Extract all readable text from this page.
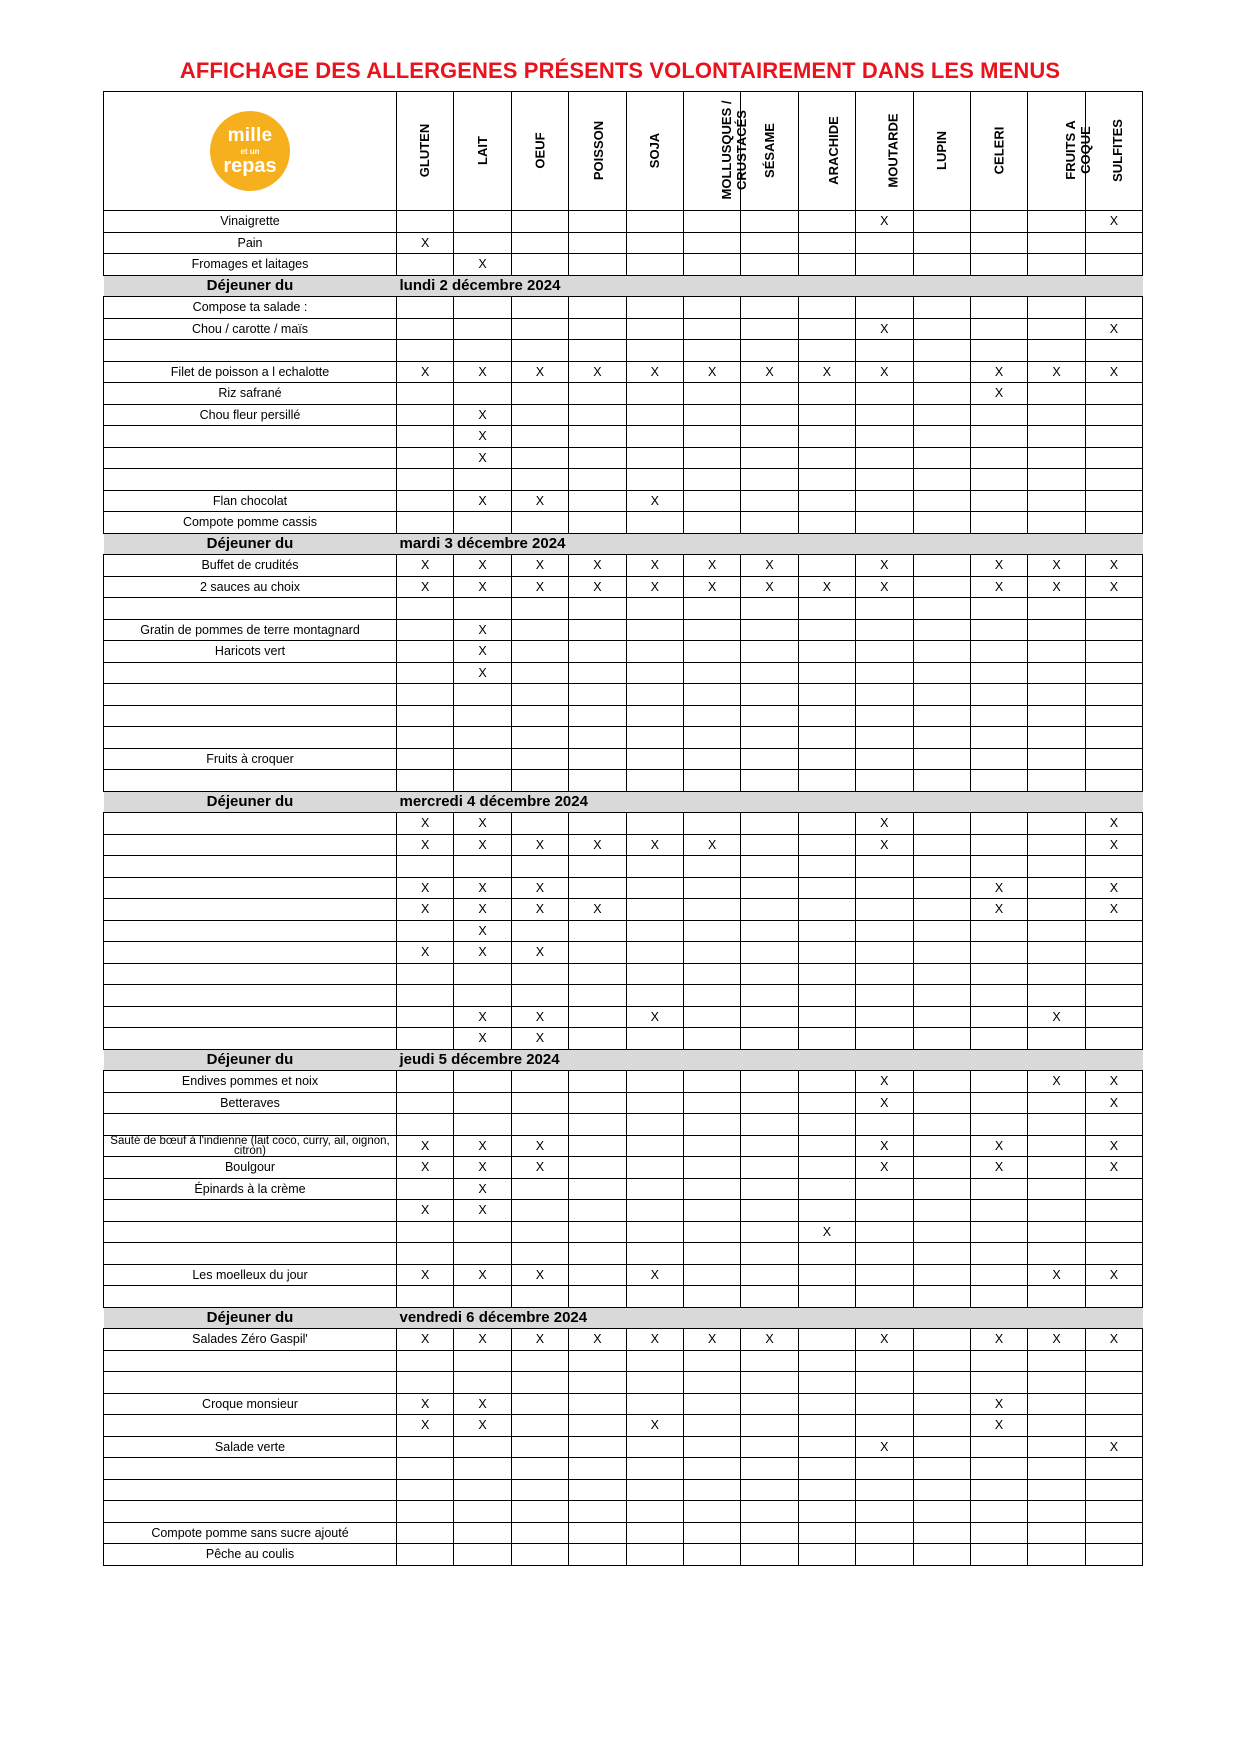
AFFICHAGE DES ALLERGENES PRÉSENTS VOLONTAIREMENT DANS LES MENUS
mille
et un
repas	GLUTEN	LAIT	OEUF	POISSON	SOJA	MOLLUSQUES / CRUSTACÉS	SÉSAME	ARACHIDE	MOUTARDE	LUPIN	CELERI	FRUITS A COQUE	SULFITES
Vinaigrette									X				X
Pain	X												
Fromages et laitages		X											
Déjeuner du	lundi 2 décembre 2024												
Compose ta salade :													
Chou / carotte / maïs									X				X

Filet de poisson a l echalotte	X	X	X	X	X	X	X	X	X		X	X	X
Riz safrané											X		
Chou fleur persillé		X											
		X											
		X											

Flan chocolat		X	X		X								
Compote pomme cassis													
Déjeuner du	mardi 3 décembre 2024												
Buffet de crudités	X	X	X	X	X	X	X		X		X	X	X
2 sauces au choix	X	X	X	X	X	X	X	X	X		X	X	X

Gratin de pommes de terre montagnard		X											
Haricots vert		X											
		X											

Fruits à croquer													

Déjeuner du	mercredi 4 décembre 2024												
	X	X							X				X
	X	X	X	X	X	X			X				X

	X	X	X								X		X
	X	X	X	X							X		X
		X											
	X	X	X										

		X	X		X							X	
		X	X										
Déjeuner du	jeudi 5 décembre 2024												
Endives pommes et noix									X			X	X
Betteraves									X				X

Sauté de bœuf à l'indienne (lait coco, curry, ail, oignon, citron)	X	X	X						X		X		X
Boulgour	X	X	X						X		X		X
Épinards à la crème		X											
	X	X											
								X					

Les moelleux du jour	X	X	X		X							X	X

Déjeuner du	vendredi 6 décembre 2024												
Salades Zéro Gaspil'	X	X	X	X	X	X	X		X		X	X	X

Croque monsieur	X	X									X		
	X	X			X						X		
Salade verte									X				X

Compote pomme sans sucre ajouté													
Pêche au coulis													
